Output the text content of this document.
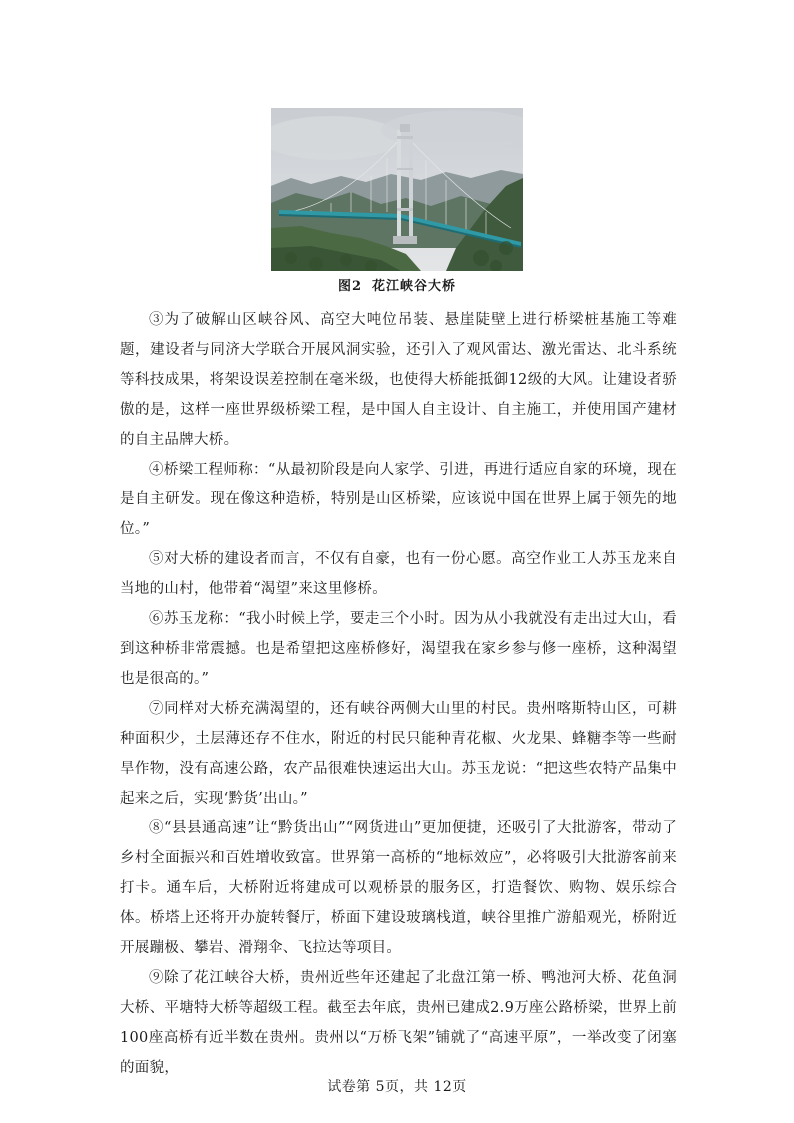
图2 花江峡谷大桥

③为了破解山区峡谷风、高空大吨位吊装、悬崖陡壁上进行桥梁桩基施工等难题，建设者与同济大学联合开展风洞实验，还引入了观风雷达、激光雷达、北斗系统等科技成果，将架设误差控制在毫米级，也使得大桥能抵御12级的大风。让建设者骄傲的是，这样一座世界级桥梁工程，是中国人自主设计、自主施工，并使用国产建材的自主品牌大桥。

④桥梁工程师称：“从最初阶段是向人家学、引进，再进行适应自家的环境，现在是自主研发。现在像这种造桥，特别是山区桥梁，应该说中国在世界上属于领先的地位。”

⑤对大桥的建设者而言，不仅有自豪，也有一份心愿。高空作业工人苏玉龙来自当地的山村，他带着“渴望”来这里修桥。

⑥苏玉龙称：“我小时候上学，要走三个小时。因为从小我就没有走出过大山，看到这种桥非常震撼。也是希望把这座桥修好，渴望我在家乡参与修一座桥，这种渴望也是很高的。”

⑦同样对大桥充满渴望的，还有峡谷两侧大山里的村民。贵州喀斯特山区，可耕种面积少，土层薄还存不住水，附近的村民只能种青花椒、火龙果、蜂糖李等一些耐旱作物，没有高速公路，农产品很难快速运出大山。苏玉龙说：“把这些农特产品集中起来之后，实现‘黔货’出山。”

⑧“县县通高速”让“黔货出山”“网货进山”更加便捷，还吸引了大批游客，带动了乡村全面振兴和百姓增收致富。世界第一高桥的“地标效应”，必将吸引大批游客前来打卡。通车后，大桥附近将建成可以观桥景的服务区，打造餐饮、购物、娱乐综合体。桥塔上还将开办旋转餐厅，桥面下建设玻璃栈道，峡谷里推广游船观光，桥附近开展蹦极、攀岩、滑翔伞、飞拉达等项目。

⑨除了花江峡谷大桥，贵州近些年还建起了北盘江第一桥、鸭池河大桥、花鱼洞大桥、平塘特大桥等超级工程。截至去年底，贵州已建成2.9万座公路桥梁，世界上前100座高桥有近半数在贵州。贵州以“万桥飞架”铺就了“高速平原”，一举改变了闭塞的面貌，

试卷第 5页，共 12页
